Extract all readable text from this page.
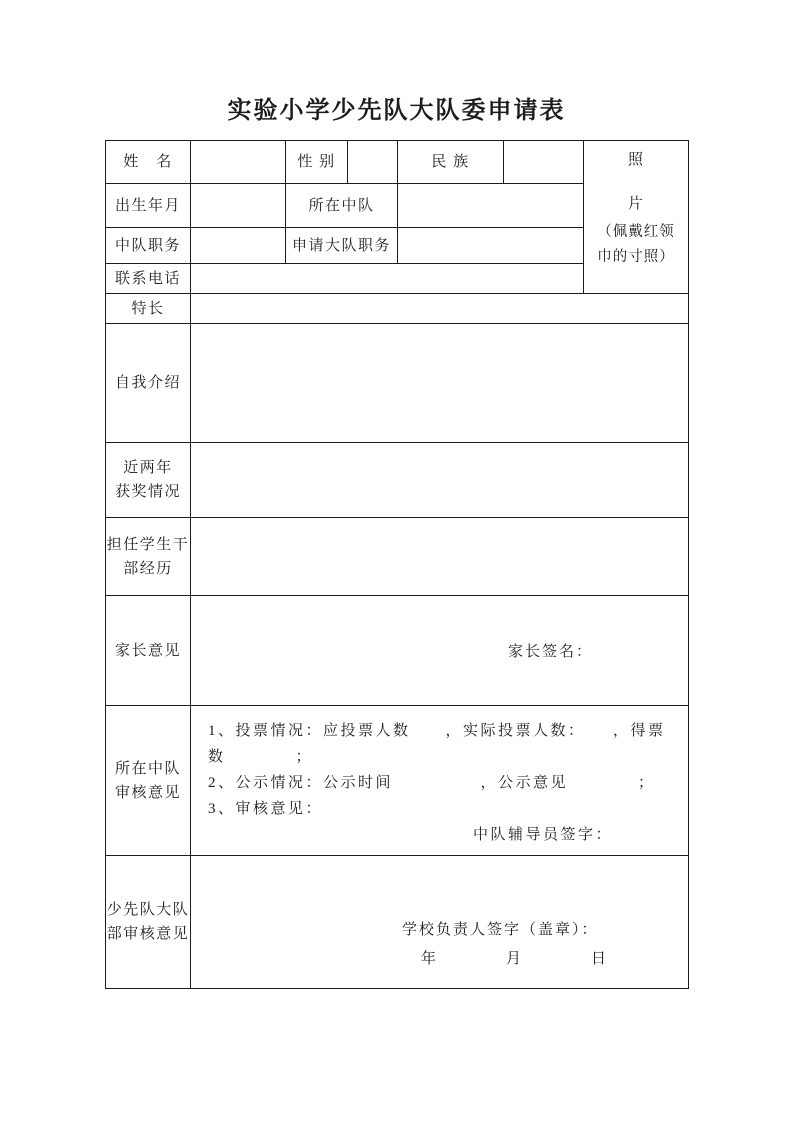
实验小学少先队大队委申请表
姓　名		性 别		民 族		照
片
（佩戴红领
巾的寸照）

出生年月		所在中队				
中队职务		申请大队职务				
联系电话						
特长						
自我介绍						
近两年
获奖情况						
担任学生干
部经历						
家长意见	家长签名：					

所在中队
审核意见	
1、投票情况：应投票人数　　，实际投票人数：　　，得票
数　　　　；
2、公示情况：公示时间　　　　　，公示意见　　　　；
3、审核意见：
中队辅导员签字：

少先队大队
部审核意见	学校负责人签字（盖章）：
年　　　　月　　　　日
